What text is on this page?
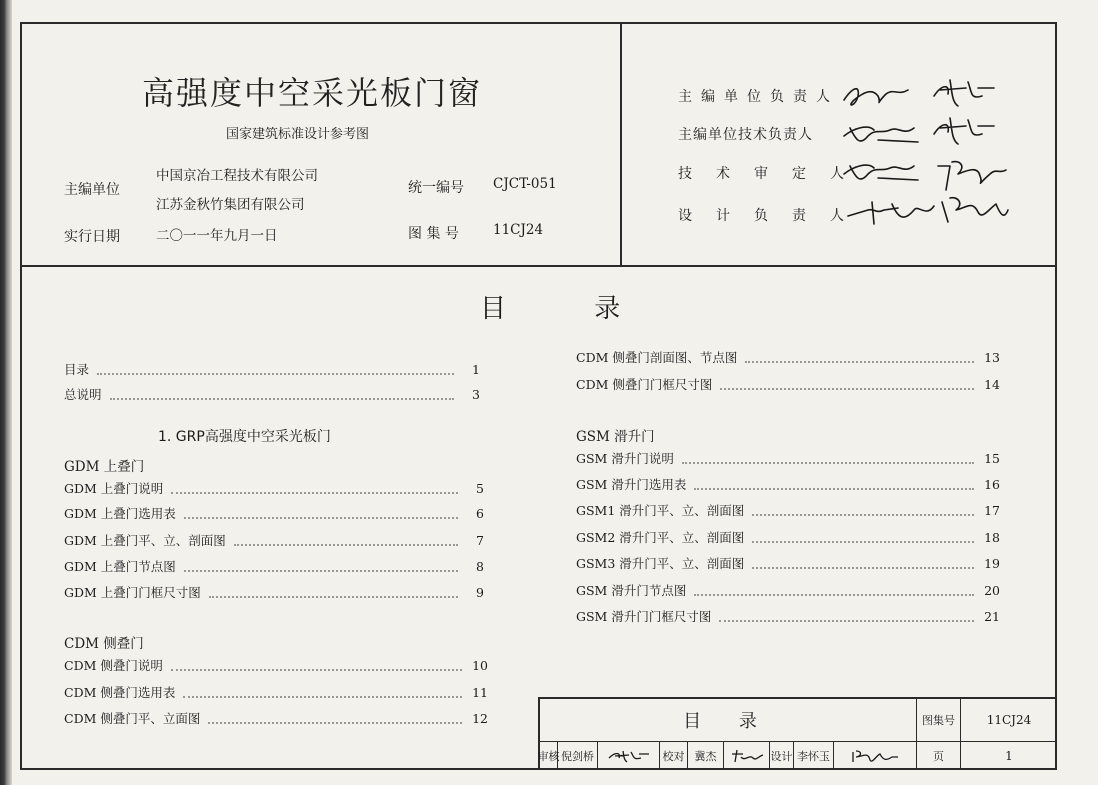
高强度中空采光板门窗
国家建筑标准设计参考图
主编单位
中国京冶工程技术有限公司
江苏金秋竹集团有限公司
实行日期	二〇一一年九月一日
统一编号 CJCT-051
图 集 号	11CJ24
主编单位负责人
主编单位技术负责人
技术审定人
设计负责人
目 录
目录	1
总说明	3
1. GRP高强度中空采光板门
GDM 上叠门
GDM 上叠门说明	5
GDM 上叠门选用表	6
GDM 上叠门平、立、剖面图	7
GDM 上叠门节点图	8
GDM 上叠门门框尺寸图	9
CDM 侧叠门
CDM 侧叠门说明	10
CDM 侧叠门选用表	11
CDM 侧叠门平、立面图	12
CDM 侧叠门剖面图、节点图	13
CDM 侧叠门门框尺寸图	14
GSM 滑升门
GSM 滑升门说明	15
GSM 滑升门选用表	16
GSM1 滑升门平、立、剖面图	17
GSM2 滑升门平、立、剖面图	18
GSM3 滑升门平、立、剖面图	19
GSM 滑升门节点图	20
GSM 滑升门门框尺寸图	21
目 录	图集号	11CJ24
审核 倪剑桥	校对 冀杰	设计 李怀玉	页	1
